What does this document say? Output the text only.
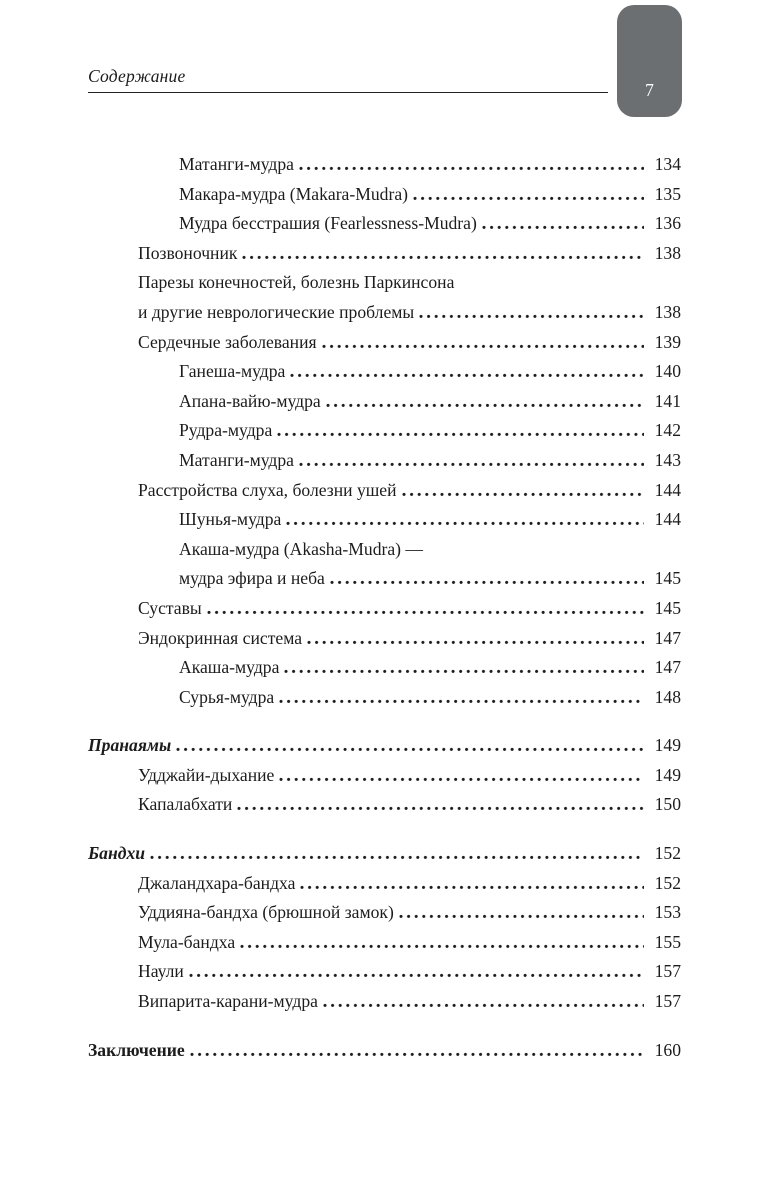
7
Содержание
Матанги-мудра	134
Макара-мудра (Makara-Mudra)	135
Мудра бесстрашия (Fearlessness-Mudra)	136
Позвоночник	138
Парезы конечностей, болезнь Паркинсона
и другие неврологические проблемы	138
Сердечные заболевания	139
Ганеша-мудра	140
Апана-вайю-мудра	141
Рудра-мудра	142
Матанги-мудра	143
Расстройства слуха, болезни ушей	144
Шунья-мудра	144
Акаша-мудра (Akasha-Mudra) —
мудра эфира и неба	145
Суставы	145
Эндокринная система	147
Акаша-мудра	147
Сурья-мудра	148
Пранаямы	149
Удджайи-дыхание	149
Капалабхати	150
Бандхи	152
Джаландхара-бандха	152
Уддияна-бандха (брюшной замок)	153
Мула-бандха	155
Наули	157
Випарита-карани-мудра	157
Заключение	160
